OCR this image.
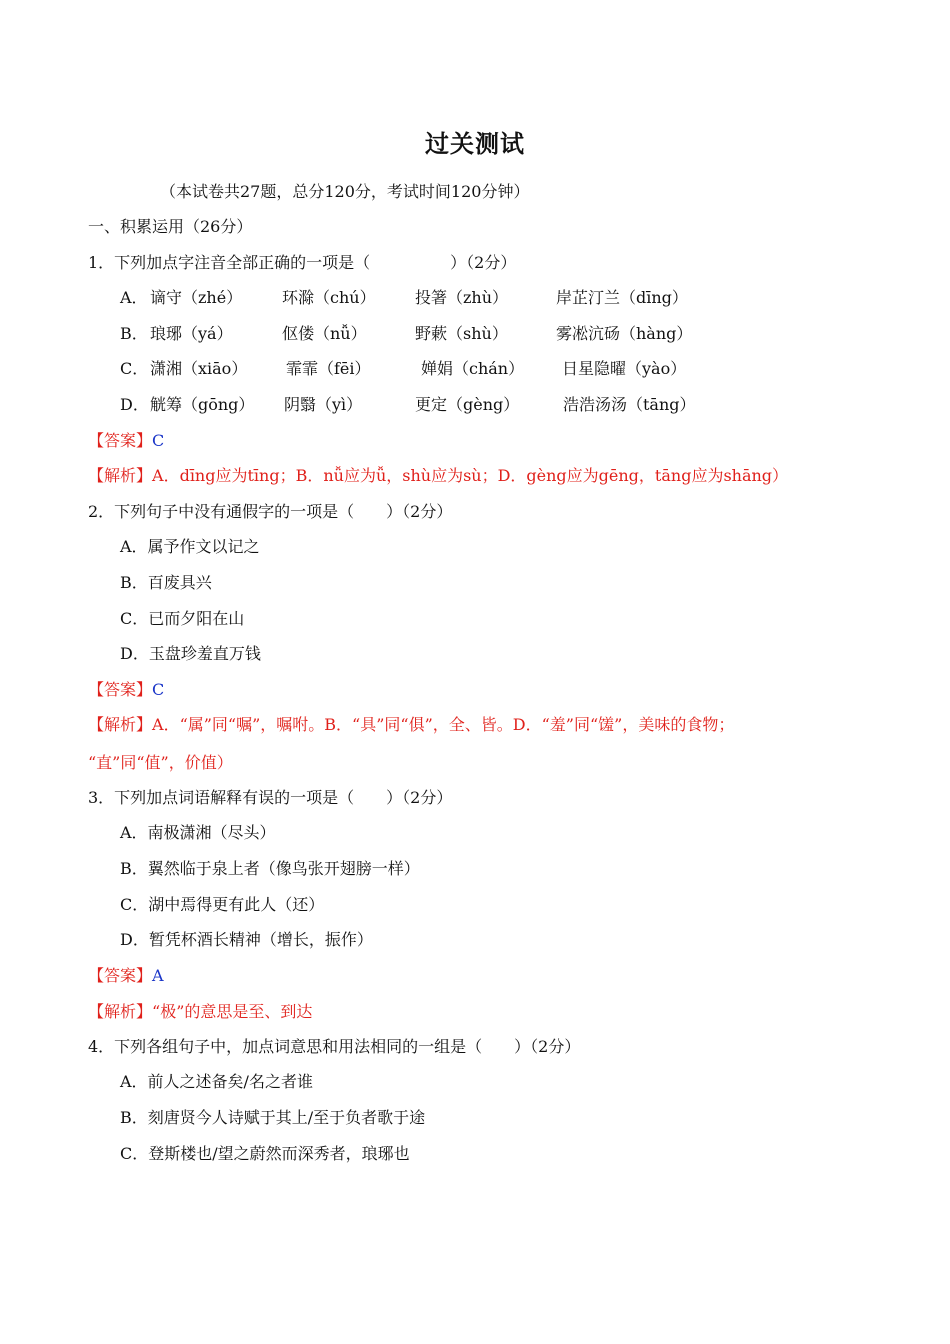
过关测试
（本试卷共27题，总分120分，考试时间120分钟）
一、积累运用（26分）
1．下列加点字注音全部正确的一项是（　　　　　）（2分）
A． 谪守（zhé） 环滁（chú） 投箸（zhù）	岸芷汀兰（dīng）
B． 琅琊（yá）	伛偻（nǚ）	野蔌（shù）	雾凇沆砀（hàng）
C． 潇湘（xiāo） 霏霏（fēi）	婵娟（chán） 日星隐曜（yào）
D． 觥筹（gōng） 阴翳（yì）	更定（gèng）	浩浩汤汤（tāng）
【答案】C
【解析】A．dīng应为tīng；B．nǚ应为ǚ，shù应为sù；D．gèng应为gēng，tāng应为shāng）
2．下列句子中没有通假字的一项是（　　）（2分）
A．属予作文以记之
B．百废具兴
C．已而夕阳在山
D．玉盘珍羞直万钱
【答案】C
【解析】A．“属”同“嘱”，嘱咐。B．“具”同“俱”，全、皆。D．“羞”同“馐”，美味的食物；
“直”同“值”，价值）
3．下列加点词语解释有误的一项是（　　）（2分）
A．南极潇湘（尽头）
B．翼然临于泉上者（像鸟张开翅膀一样）
C．湖中焉得更有此人（还）
D．暂凭杯酒长精神（增长，振作）
【答案】A
【解析】“极”的意思是至、到达
4．下列各组句子中，加点词意思和用法相同的一组是（　　）（2分）
A．前人之述备矣/名之者谁
B．刻唐贤今人诗赋于其上/至于负者歌于途
C．登斯楼也/望之蔚然而深秀者，琅琊也
